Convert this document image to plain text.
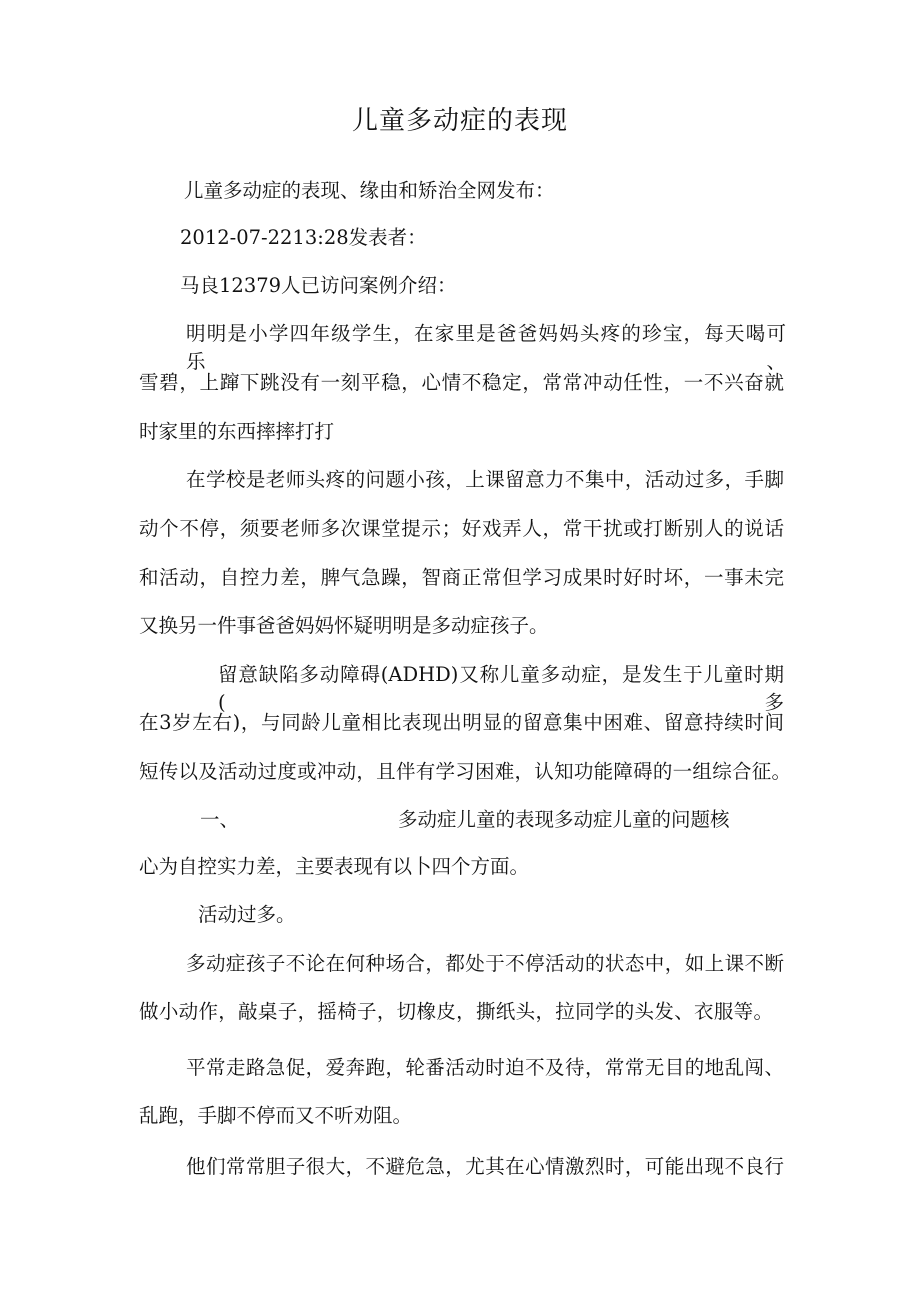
儿童多动症的表现
儿童多动症的表现、缘由和矫治全网发布：
2012-07-2213:28发表者：
马良12379人已访问案例介绍：
明明是小学四年级学生，在家里是爸爸妈妈头疼的珍宝，每天喝可乐、
雪碧，上蹿下跳没有一刻平稳，心情不稳定，常常冲动任性，一不兴奋就
时家里的东西摔摔打打
在学校是老师头疼的问题小孩，上课留意力不集中，活动过多，手脚
动个不停，须要老师多次课堂提示；好戏弄人，常干扰或打断别人的说话
和活动，自控力差，脾气急躁，智商正常但学习成果时好时坏，一事未完
又换另一件事爸爸妈妈怀疑明明是多动症孩子。
留意缺陷多动障碍(ADHD)又称儿童多动症，是发生于儿童时期(多
在3岁左右)，与同龄儿童相比表现出明显的留意集中困难、留意持续时间
短传以及活动过度或冲动，且伴有学习困难，认知功能障碍的一组综合征。
一、	多动症儿童的表现多动症儿童的问题核
心为自控实力差，主要表现有以卜四个方面。
活动过多。
多动症孩子不论在何种场合，都处于不停活动的状态中，如上课不断
做小动作，敲桌子，摇椅子，切橡皮，撕纸头，拉同学的头发、衣服等。
平常走路急促，爱奔跑，轮番活动时迫不及待，常常无目的地乱闯、
乱跑，手脚不停而又不听劝阻。
他们常常胆子很大，不避危急，尤其在心情激烈时，可能出现不良行
